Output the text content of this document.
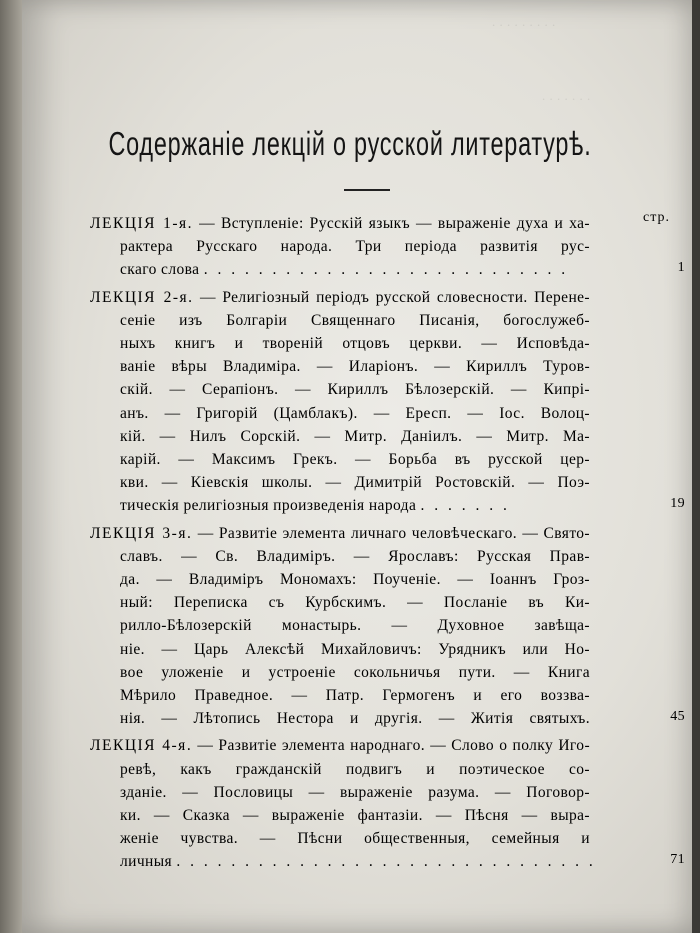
. . . . . . . . .
. . . . . . .
Содержаніе лекцій о русской литературѣ.
стр.
ЛЕКЦІЯ 1-я. — Вступленіе: Русскій языкъ — выраженіе духа и ха-
рактера Русскаго народа. Три періода развитія рус-
скаго слова . . . . . . . . . . . . . . . . . . . . . . . . . . .	1
ЛЕКЦІЯ 2-я. — Религіозный періодъ русской словесности. Перене-
сеніе изъ Болгаріи Священнаго Писанія, богослужеб-
ныхъ книгъ и твореній отцовъ церкви. — Исповѣда-
ваніе вѣры Владиміра. — Иларіонъ. — Кириллъ Туров-
скій. — Серапіонъ. — Кириллъ Бѣлозерскій. — Кипрі-
анъ. — Григорій (Цамблакъ). — Ересп. — Іос. Волоц-
кій. — Нилъ Сорскій. — Митр. Даніилъ. — Митр. Ма-
карій. — Максимъ Грекъ. — Борьба въ русской цер-
кви. — Кіевскія школы. — Димитрій Ростовскій. — Поэ-
тическія религіозныя произведенія народа . . . . . . .	19
ЛЕКЦІЯ 3-я. — Развитіе элемента личнаго человѣческаго. — Свято-
славъ. — Св. Владиміръ. — Ярославъ: Русская Прав-
да. — Владиміръ Мономахъ: Поученіе. — Іоаннъ Гроз-
ный: Переписка съ Курбскимъ. — Посланіе въ Ки-
рилло-Бѣлозерскій монастырь. — Духовное завѣща-
ніе. — Царь Алексѣй Михайловичъ: Урядникъ или Но-
вое уложеніе и устроеніе сокольничья пути. — Книга
Мѣрило Праведное. — Патр. Гермогенъ и его воззва-
нія. — Лѣтопись Нестора и другія. — Житія святыхъ.	45
ЛЕКЦІЯ 4-я. — Развитіе элемента народнаго. — Слово о полку Иго-
ревѣ, какъ гражданскій подвигъ и поэтическое со-
зданіе. — Пословицы — выраженіе разума. — Поговор-
ки. — Сказка — выраженіе фантазіи. — Пѣсня — выра-
женіе чувства. — Пѣсни общественныя, семейныя и
личныя . . . . . . . . . . . . . . . . . . . . . . . . . . . . . . .	71
